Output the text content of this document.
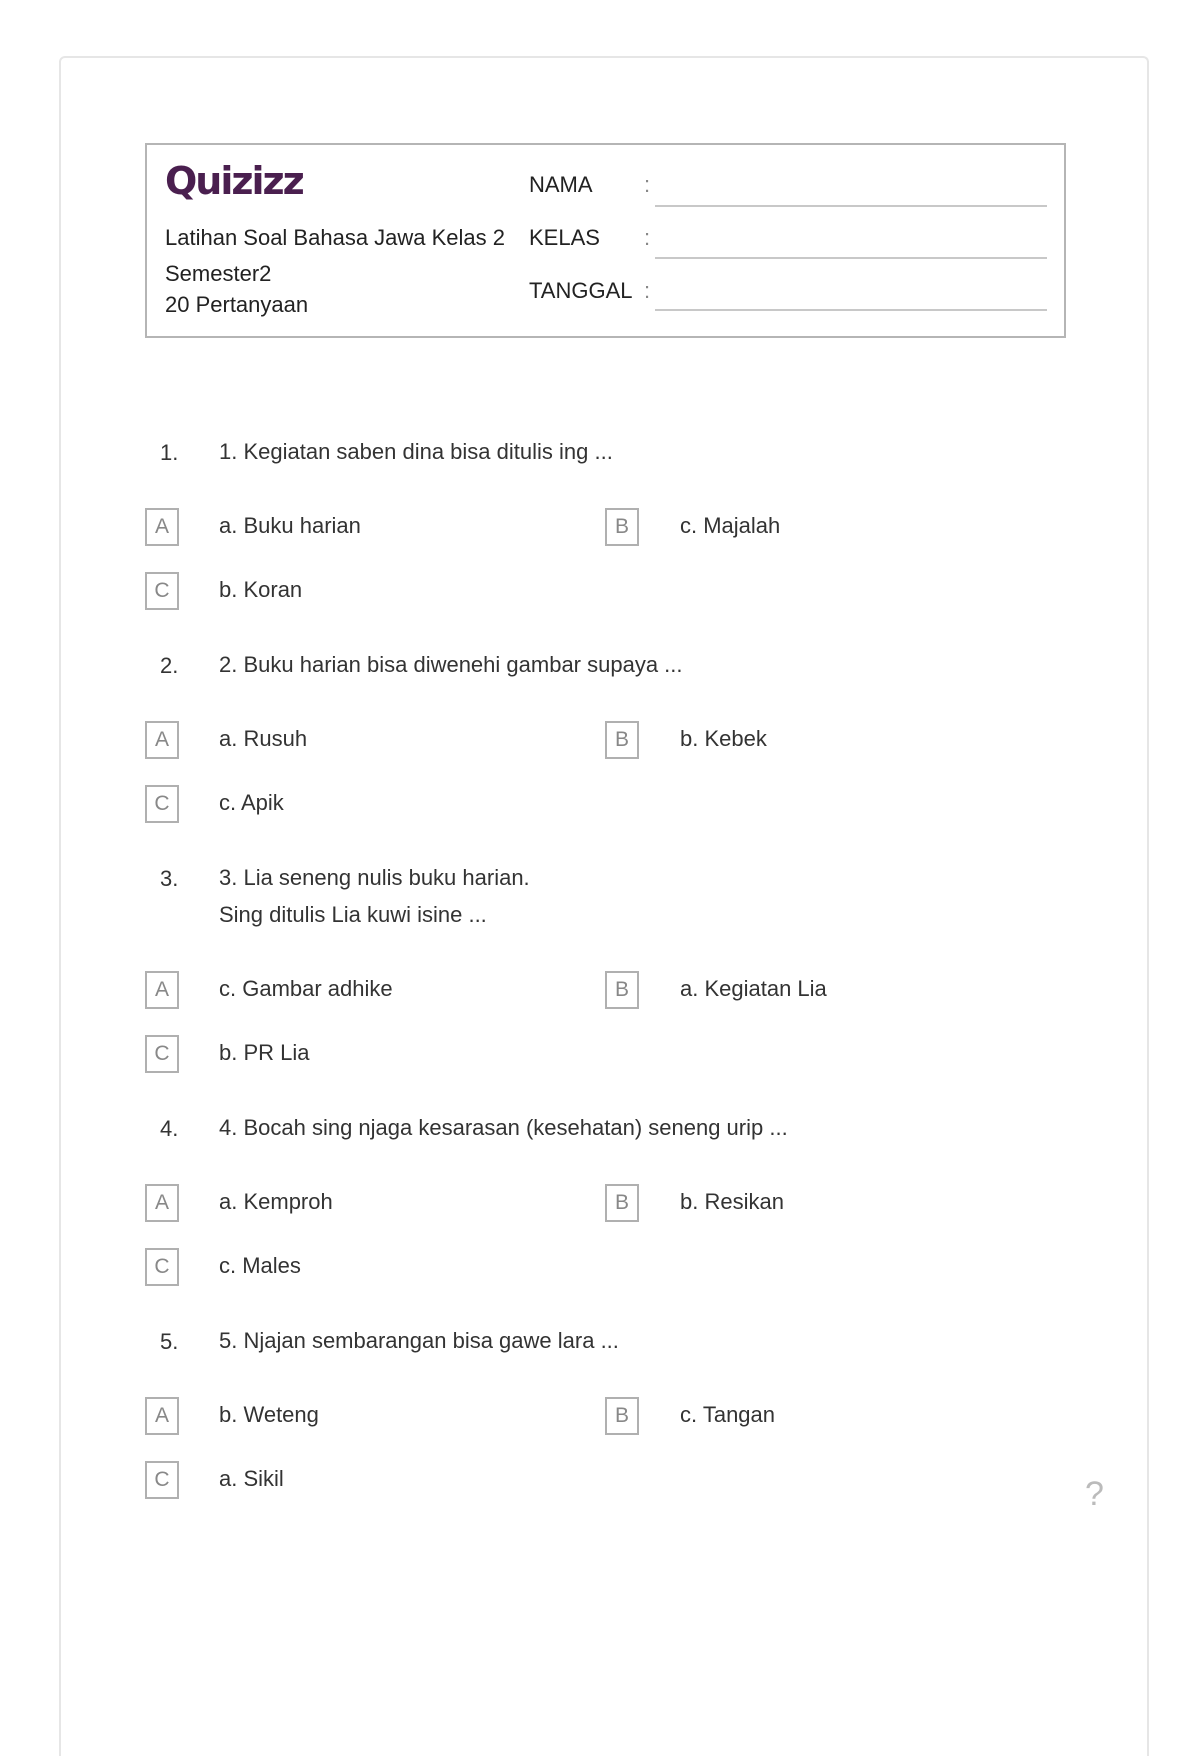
Quizizz
Latihan Soal Bahasa Jawa Kelas 2
Semester2
20 Pertanyaan
NAMA :
KELAS :
TANGGAL :
1. 1. Kegiatan saben dina bisa ditulis ing ...
A	a. Buku harian	B	c. Majalah
C	b. Koran
2. 2. Buku harian bisa diwenehi gambar supaya ...
A	a. Rusuh	B	b. Kebek
C	c. Apik
3. 3. Lia seneng nulis buku harian.
Sing ditulis Lia kuwi isine ...
A	c. Gambar adhike	B	a. Kegiatan Lia
C	b. PR Lia
4. 4. Bocah sing njaga kesarasan (kesehatan) seneng urip ...
A	a. Kemproh	B	b. Resikan
C	c. Males
5. 5. Njajan sembarangan bisa gawe lara ...
A	b. Weteng	B	c. Tangan
C	a. Sikil	?
